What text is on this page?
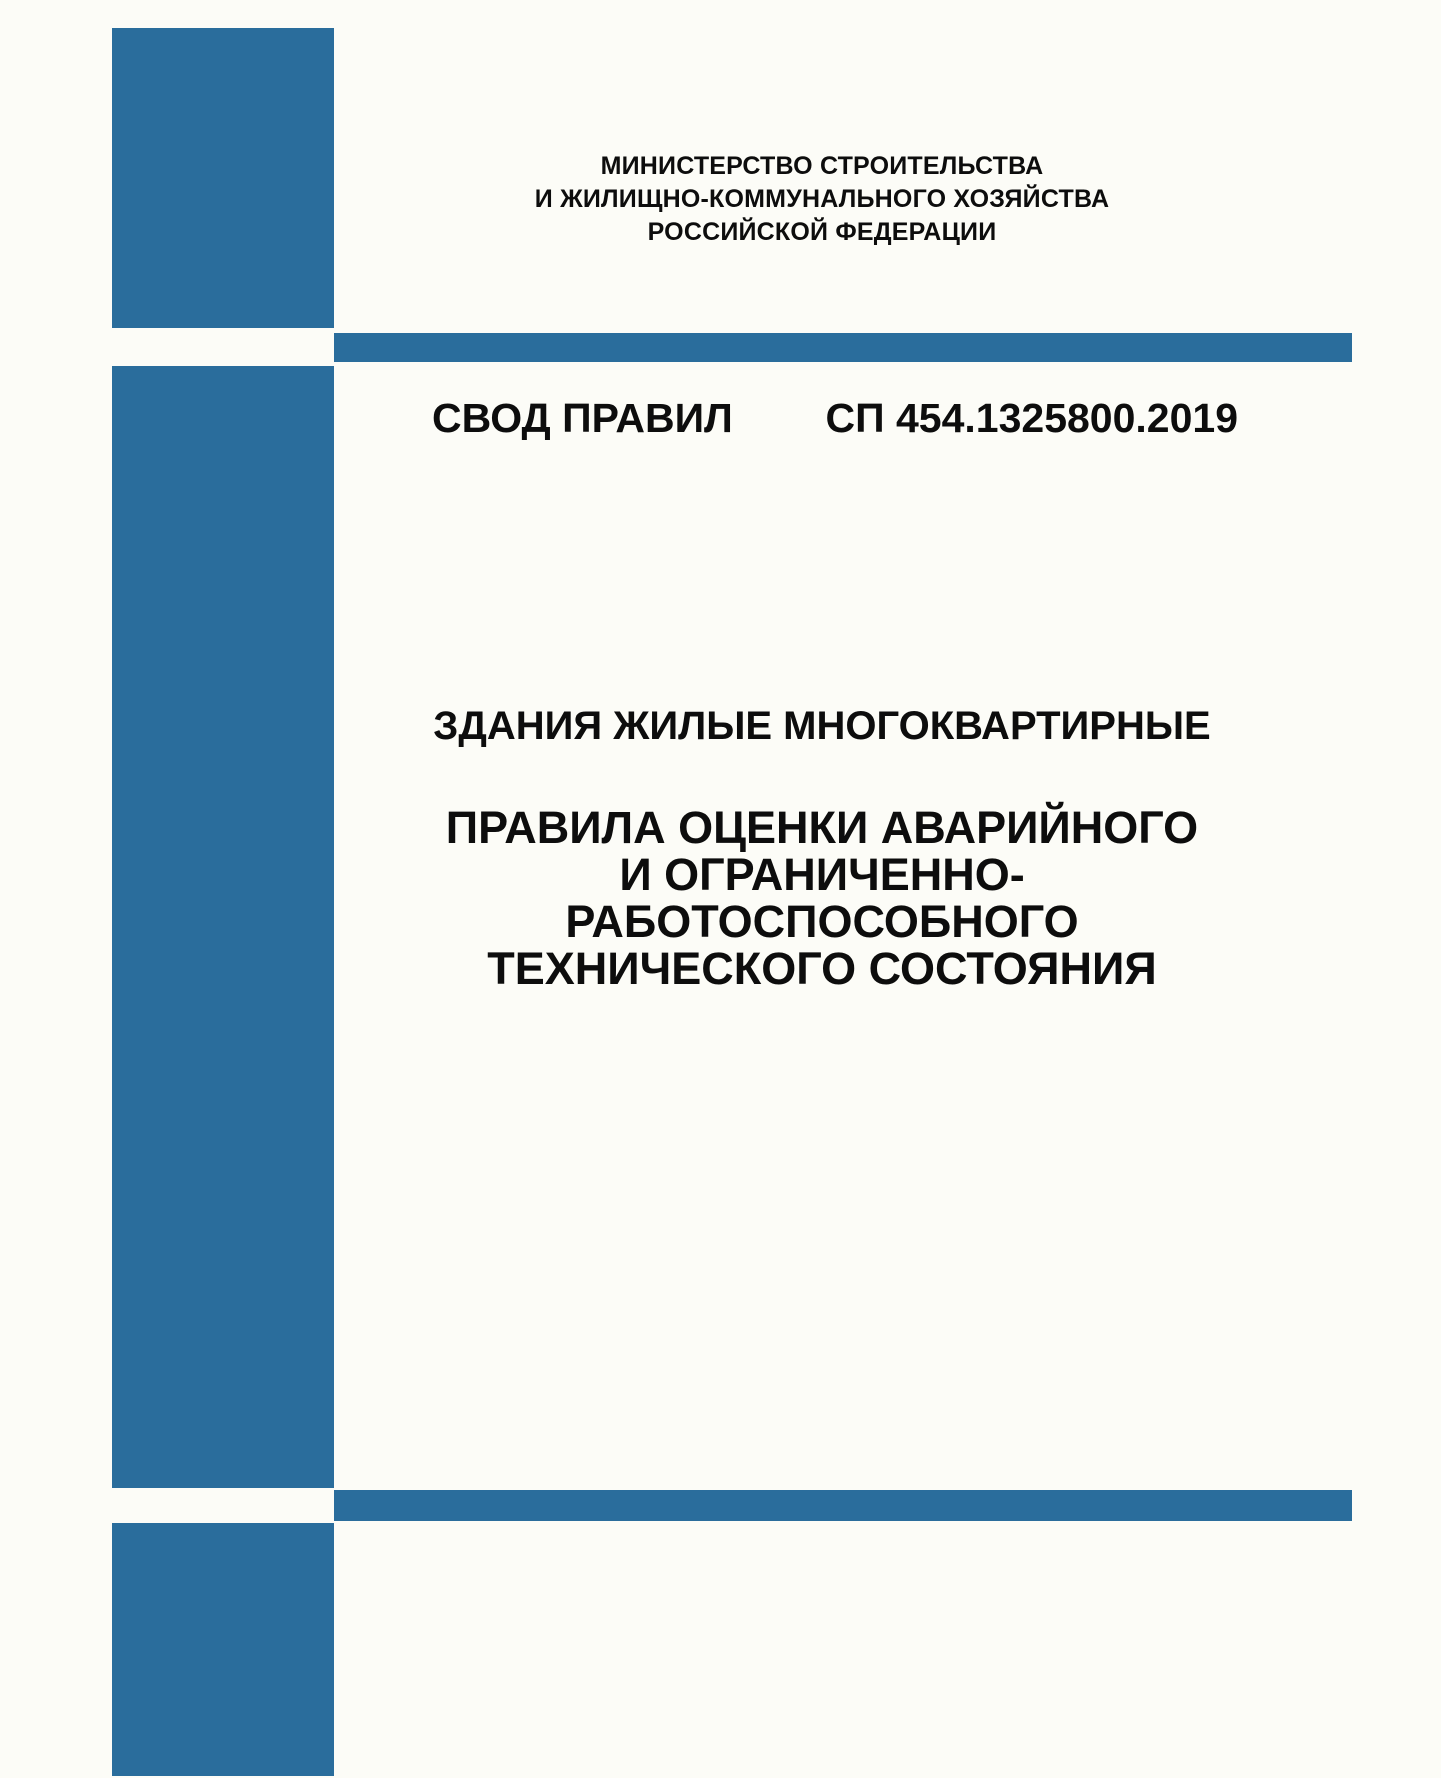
МИНИСТЕРСТВО СТРОИТЕЛЬСТВА
И ЖИЛИЩНО-КОММУНАЛЬНОГО ХОЗЯЙСТВА
РОССИЙСКОЙ ФЕДЕРАЦИИ
СВОД ПРАВИЛ СП 454.1325800.2019
ЗДАНИЯ ЖИЛЫЕ МНОГОКВАРТИРНЫЕ
ПРАВИЛА ОЦЕНКИ АВАРИЙНОГО
И ОГРАНИЧЕННО-
РАБОТОСПОСОБНОГО
ТЕХНИЧЕСКОГО СОСТОЯНИЯ
